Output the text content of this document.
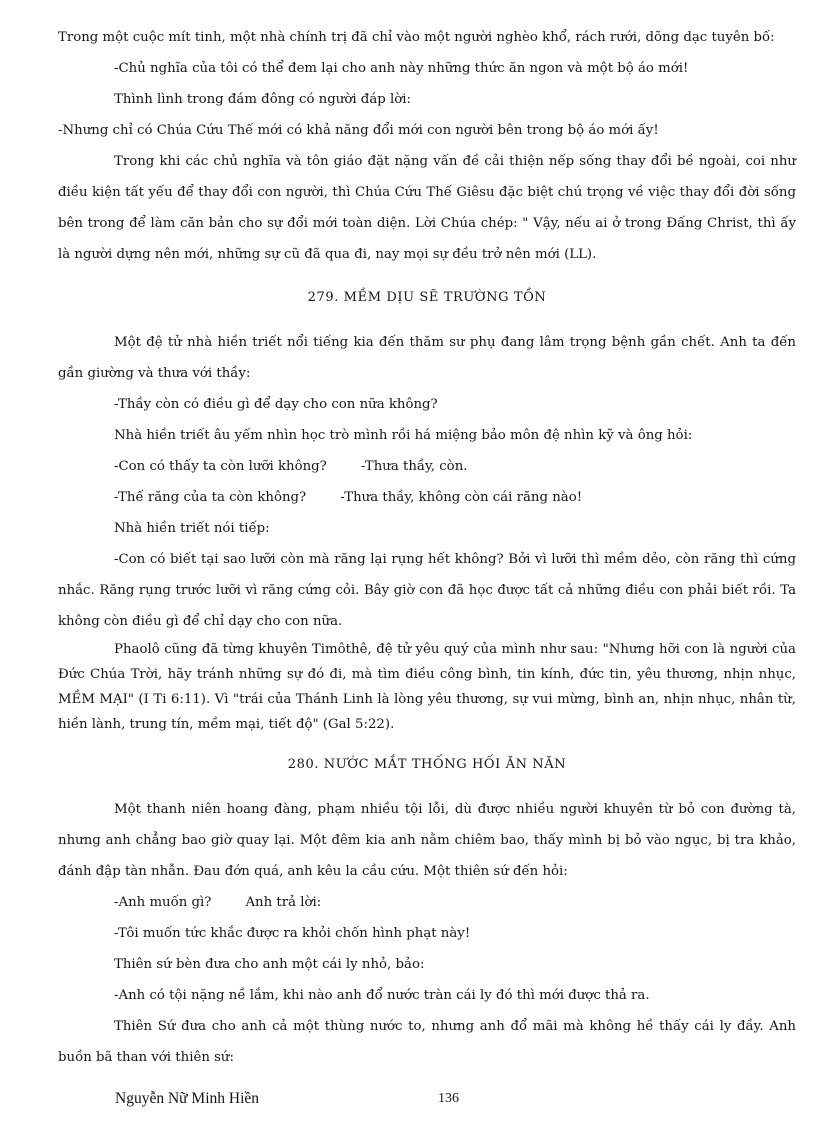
Trong một cuộc mít tinh, một nhà chính trị đã chỉ vào một người nghèo khổ, rách rưới, dõng dạc tuyên bố:

-Chủ nghĩa của tôi có thể đem lại cho anh này những thức ăn ngon và một bộ áo mới!

Thình lình trong đám đông có người đáp lời:

-Nhưng chỉ có Chúa Cứu Thế mới có khả năng đổi mới con người bên trong bộ áo mới ấy!

Trong khi các chủ nghĩa và tôn giáo đặt nặng vấn đề cải thiện nếp sống thay đổi bề ngoài, coi như điều kiện tất yếu để thay đổi con người, thì Chúa Cứu Thế Giêsu đặc biệt chú trọng về việc thay đổi đời sống bên trong để làm căn bản cho sự đổi mới toàn diện. Lời Chúa chép: " Vậy, nếu ai ở trong Đấng Christ, thì ấy là người dựng nên mới, những sự cũ đã qua đi, nay mọi sự đều trở nên mới (LL).

279. MỀM DỊU SẼ TRƯỜNG TỒN

Một đệ tử nhà hiền triết nổi tiếng kia đến thăm sư phụ đang lâm trọng bệnh gần chết. Anh ta đến gần giường và thưa với thầy:

-Thầy còn có điều gì để dạy cho con nữa không?

Nhà hiền triết âu yếm nhìn học trò mình rồi há miệng bảo môn đệ nhìn kỹ và ông hỏi:

-Con có thấy ta còn lưỡi không?	-Thưa thầy, còn.
-Thế răng của ta còn không?	-Thưa thầy, không còn cái răng nào!

Nhà hiền triết nói tiếp:

-Con có biết tại sao lưỡi còn mà răng lại rụng hết không? Bởi vì lưỡi thì mềm dẻo, còn răng thì cứng nhắc. Răng rụng trước lưỡi vì răng cứng cỏi. Bây giờ con đã học được tất cả những điều con phải biết rồi. Ta không còn điều gì để chỉ dạy cho con nữa.

Phaolô cũng đã từng khuyên Timôthê, đệ tử yêu quý của mình như sau: "Nhưng hỡi con là người của Đức Chúa Trời, hãy tránh những sự đó đi, mà tìm điều công bình, tin kính, đức tin, yêu thương, nhịn nhục, MỀM MẠI" (I Ti 6:11). Vì "trái của Thánh Linh là lòng yêu thương, sự vui mừng, bình an, nhịn nhục, nhân từ, hiền lành, trung tín, mềm mại, tiết độ" (Gal 5:22).

280. NƯỚC MẮT THỐNG HỐI ĂN NĂN

Một thanh niên hoang đàng, phạm nhiều tội lỗi, dù được nhiều người khuyên từ bỏ con đường tà, nhưng anh chẳng bao giờ quay lại. Một đêm kia anh nằm chiêm bao, thấy mình bị bỏ vào ngục, bị tra khảo, đánh đập tàn nhẫn. Đau đớn quá, anh kêu la cầu cứu. Một thiên sứ đến hỏi:

-Anh muốn gì?	Anh trả lời:

-Tôi muốn tức khắc được ra khỏi chốn hình phạt này!

Thiên sứ bèn đưa cho anh một cái ly nhỏ, bảo:

-Anh có tội nặng nề lắm, khi nào anh đổ nước tràn cái ly đó thì mới được thả ra.

Thiên Sứ đưa cho anh cả một thùng nước to, nhưng anh đổ mãi mà không hề thấy cái ly đầy. Anh buồn bã than với thiên sứ:

Nguyễn Nữ Minh Hiền	136
